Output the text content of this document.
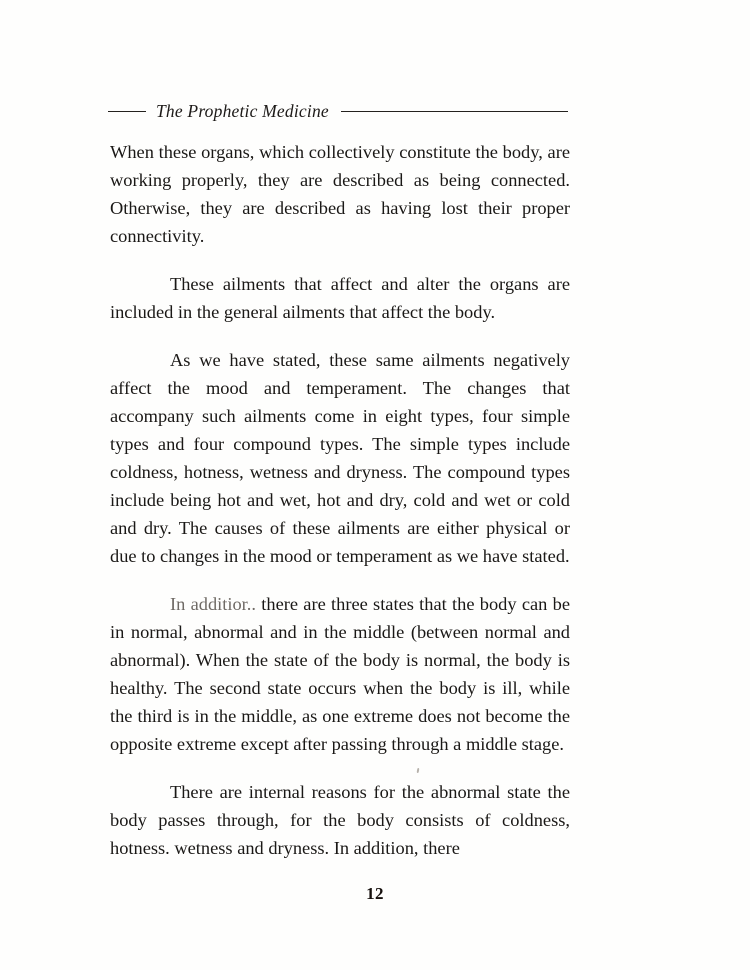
The Prophetic Medicine

When these organs, which collectively constitute the body, are working properly, they are described as being connected. Otherwise, they are described as having lost their proper connectivity.

These ailments that affect and alter the organs are included in the general ailments that affect the body.

As we have stated, these same ailments negatively affect the mood and temperament. The changes that accompany such ailments come in eight types, four simple types and four compound types. The simple types include coldness, hotness, wetness and dryness. The compound types include being hot and wet, hot and dry, cold and wet or cold and dry. The causes of these ailments are either physical or due to changes in the mood or temperament as we have stated.

In additior.. there are three states that the body can be in normal, abnormal and in the middle (between normal and abnormal). When the state of the body is normal, the body is healthy. The second state occurs when the body is ill, while the third is in the middle, as one extreme does not become the opposite extreme except after passing through a middle stage.

There are internal reasons for the abnormal state the body passes through, for the body consists of coldness, hotness. wetness and dryness. In addition, there

12
